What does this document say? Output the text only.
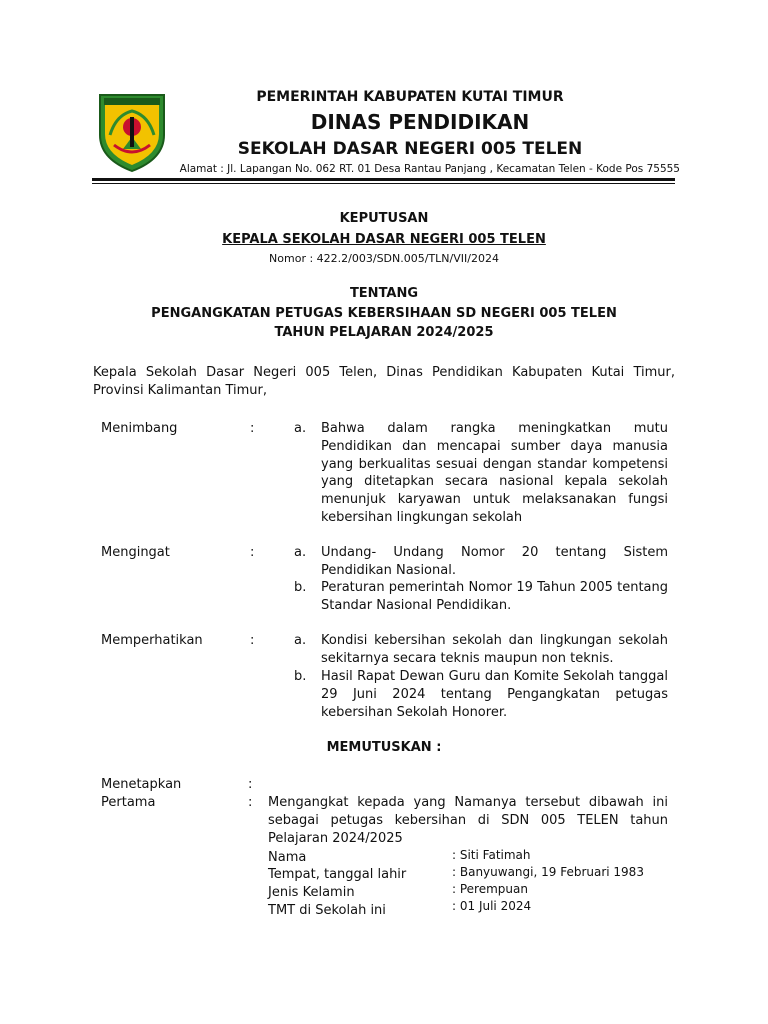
PEMERINTAH KABUPATEN KUTAI TIMUR
DINAS PENDIDIKAN
SEKOLAH DASAR NEGERI 005 TELEN
Alamat : Jl. Lapangan No. 062 RT. 01 Desa Rantau Panjang , Kecamatan Telen - Kode Pos 75555
KEPUTUSAN
KEPALA SEKOLAH DASAR NEGERI 005 TELEN
Nomor : 422.2/003/SDN.005/TLN/VII/2024
TENTANG
PENGANGKATAN PETUGAS KEBERSIHAAN SD NEGERI 005 TELEN
TAHUN PELAJARAN 2024/2025
Kepala Sekolah Dasar Negeri 005 Telen, Dinas Pendidikan Kabupaten Kutai Timur, Provinsi Kalimantan Timur,
Menimbang	:	a. Bahwa dalam rangka meningkatkan mutu Pendidikan dan mencapai sumber daya manusia yang berkualitas sesuai dengan standar kompetensi yang ditetapkan secara nasional kepala sekolah menunjuk karyawan untuk melaksanakan fungsi kebersihan lingkungan sekolah
Mengingat	:	a. Undang- Undang Nomor 20 tentang Sistem Pendidikan Nasional.
b. Peraturan pemerintah Nomor 19 Tahun 2005 tentang Standar Nasional Pendidikan.
Memperhatikan	:	a. Kondisi kebersihan sekolah dan lingkungan sekolah sekitarnya secara teknis maupun non teknis.
b. Hasil Rapat Dewan Guru dan Komite Sekolah tanggal 29 Juni 2024 tentang Pengangkatan petugas kebersihan Sekolah Honorer.
MEMUTUSKAN :
Menetapkan	:
Pertama	: Mengangkat kepada yang Namanya tersebut dibawah ini sebagai petugas kebersihan di SDN 005 TELEN tahun Pelajaran 2024/2025
Nama	: Siti Fatimah
Tempat, tanggal lahir	: Banyuwangi, 19 Februari 1983
Jenis Kelamin	: Perempuan
TMT di Sekolah ini	: 01 Juli 2024
